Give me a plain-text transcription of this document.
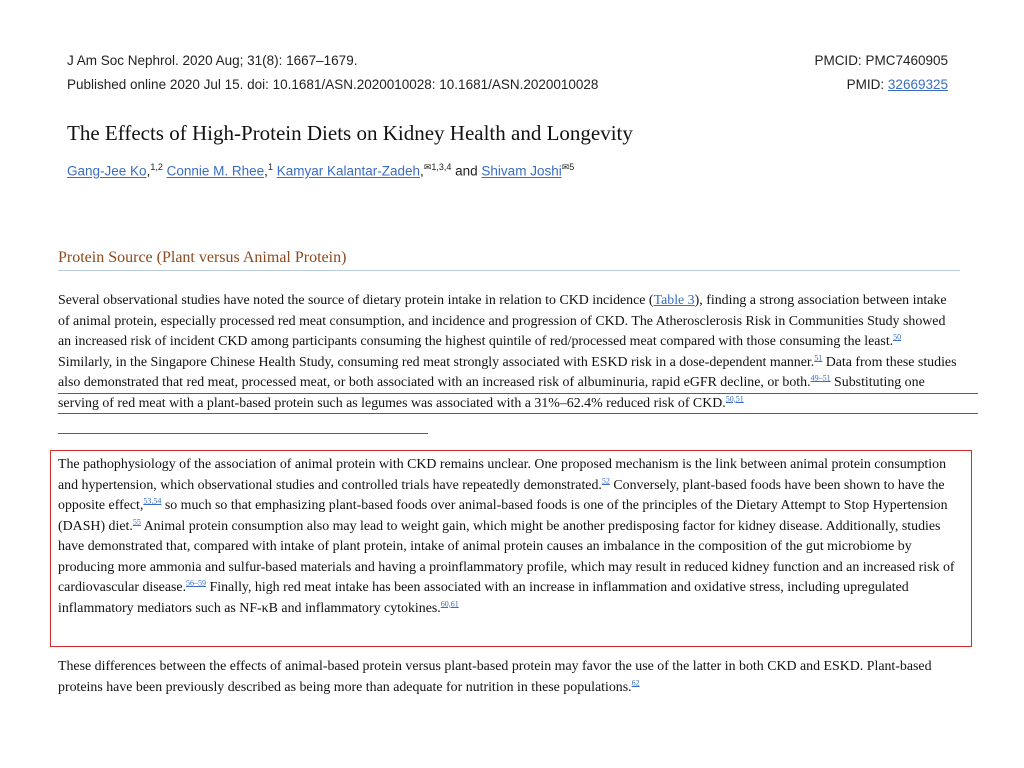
J Am Soc Nephrol. 2020 Aug; 31(8): 1667–1679.
Published online 2020 Jul 15. doi: 10.1681/ASN.2020010028: 10.1681/ASN.2020010028
PMCID: PMC7460905
PMID: 32669325
The Effects of High-Protein Diets on Kidney Health and Longevity
Gang-Jee Ko,$^{1,2}$ Connie M. Rhee,$^1$ Kamyar Kalantar-Zadeh,$^{✉1,3,4}$ and Shivam Joshi$^{✉5}$
Protein Source (Plant versus Animal Protein)
Several observational studies have noted the source of dietary protein intake in relation to CKD incidence (Table 3), finding a strong association between intake of animal protein, especially processed red meat consumption, and incidence and progression of CKD. The Atherosclerosis Risk in Communities Study showed an increased risk of incident CKD among participants consuming the highest quintile of red/processed meat compared with those consuming the least.$^{50}$ Similarly, in the Singapore Chinese Health Study, consuming red meat strongly associated with ESKD risk in a dose-dependent manner.$^{51}$ Data from these studies also demonstrated that red meat, processed meat, or both associated with an increased risk of albuminuria, rapid eGFR decline, or both.$^{49-51}$ Substituting one serving of red meat with a plant-based protein such as legumes was associated with a 31%–62.4% reduced risk of CKD.$^{50,51}$
The pathophysiology of the association of animal protein with CKD remains unclear. One proposed mechanism is the link between animal protein consumption and hypertension, which observational studies and controlled trials have repeatedly demonstrated.$^{52}$ Conversely, plant-based foods have been shown to have the opposite effect,$^{53,54}$ so much so that emphasizing plant-based foods over animal-based foods is one of the principles of the Dietary Attempt to Stop Hypertension (DASH) diet.$^{55}$ Animal protein consumption also may lead to weight gain, which might be another predisposing factor for kidney disease. Additionally, studies have demonstrated that, compared with intake of plant protein, intake of animal protein causes an imbalance in the composition of the gut microbiome by producing more ammonia and sulfur-based materials and having a proinflammatory profile, which may result in reduced kidney function and an increased risk of cardiovascular disease.$^{56-59}$ Finally, high red meat intake has been associated with an increase in inflammation and oxidative stress, including upregulated inflammatory mediators such as NF-κB and inflammatory cytokines.$^{60,61}$
These differences between the effects of animal-based protein versus plant-based protein may favor the use of the latter in both CKD and ESKD. Plant-based proteins have been previously described as being more than adequate for nutrition in these populations.$^{62}$
